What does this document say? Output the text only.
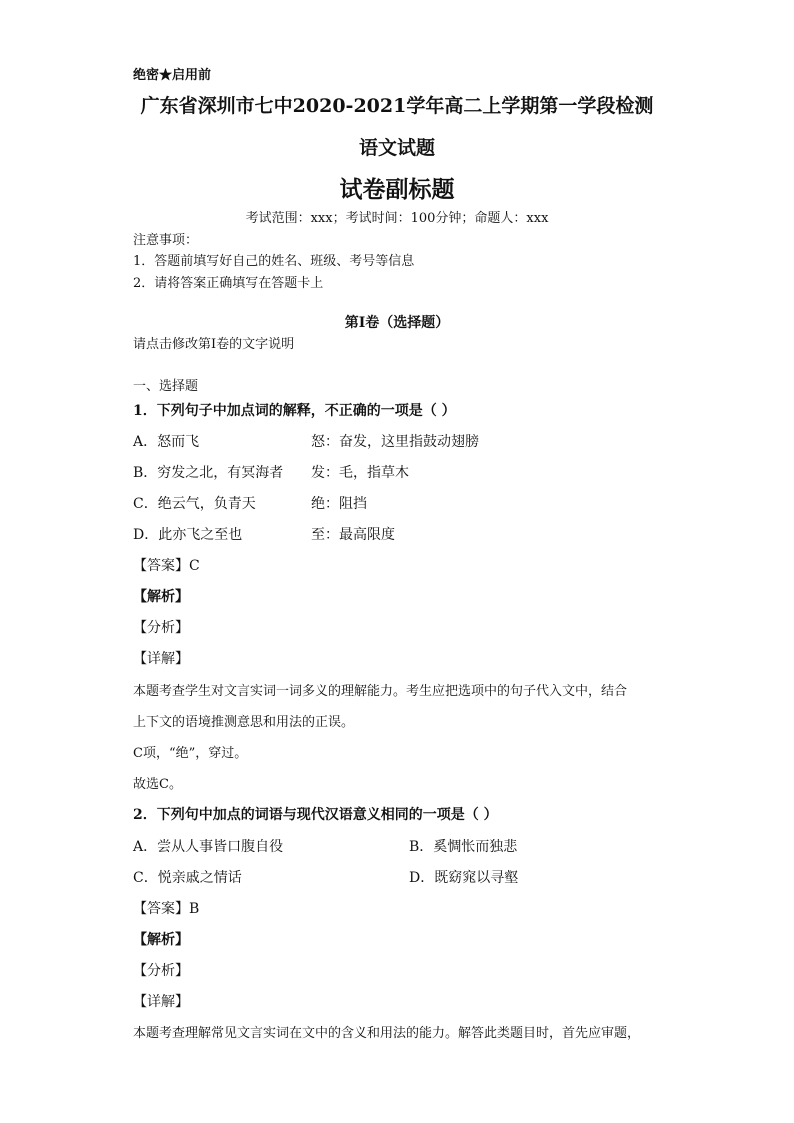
绝密★启用前
广东省深圳市七中2020-2021学年高二上学期第一学段检测
语文试题
试卷副标题
考试范围：xxx；考试时间：100分钟；命题人：xxx
注意事项：
1．答题前填写好自己的姓名、班级、考号等信息
2．请将答案正确填写在答题卡上
第I卷（选择题）
请点击修改第I卷的文字说明
一、选择题
1．下列句子中加点词的解释，不正确的一项是（ ）
A．怒而飞	怒：奋发，这里指鼓动翅膀
B．穷发之北，有冥海者 发：毛，指草木
C．绝云气，负青天	绝：阻挡
D．此亦飞之至也	至：最高限度
【答案】C
【解析】
【分析】
【详解】
本题考查学生对文言实词一词多义的理解能力。考生应把选项中的句子代入文中，结合
上下文的语境推测意思和用法的正误。
C项，“绝”，穿过。
故选C。
2．下列句中加点的词语与现代汉语意义相同的一项是（ ）
A．尝从人事皆口腹自役	B．奚惆怅而独悲
C．悦亲戚之情话	D．既窈窕以寻壑
【答案】B
【解析】
【分析】
【详解】
本题考查理解常见文言实词在文中的含义和用法的能力。解答此类题目时，首先应审题，
